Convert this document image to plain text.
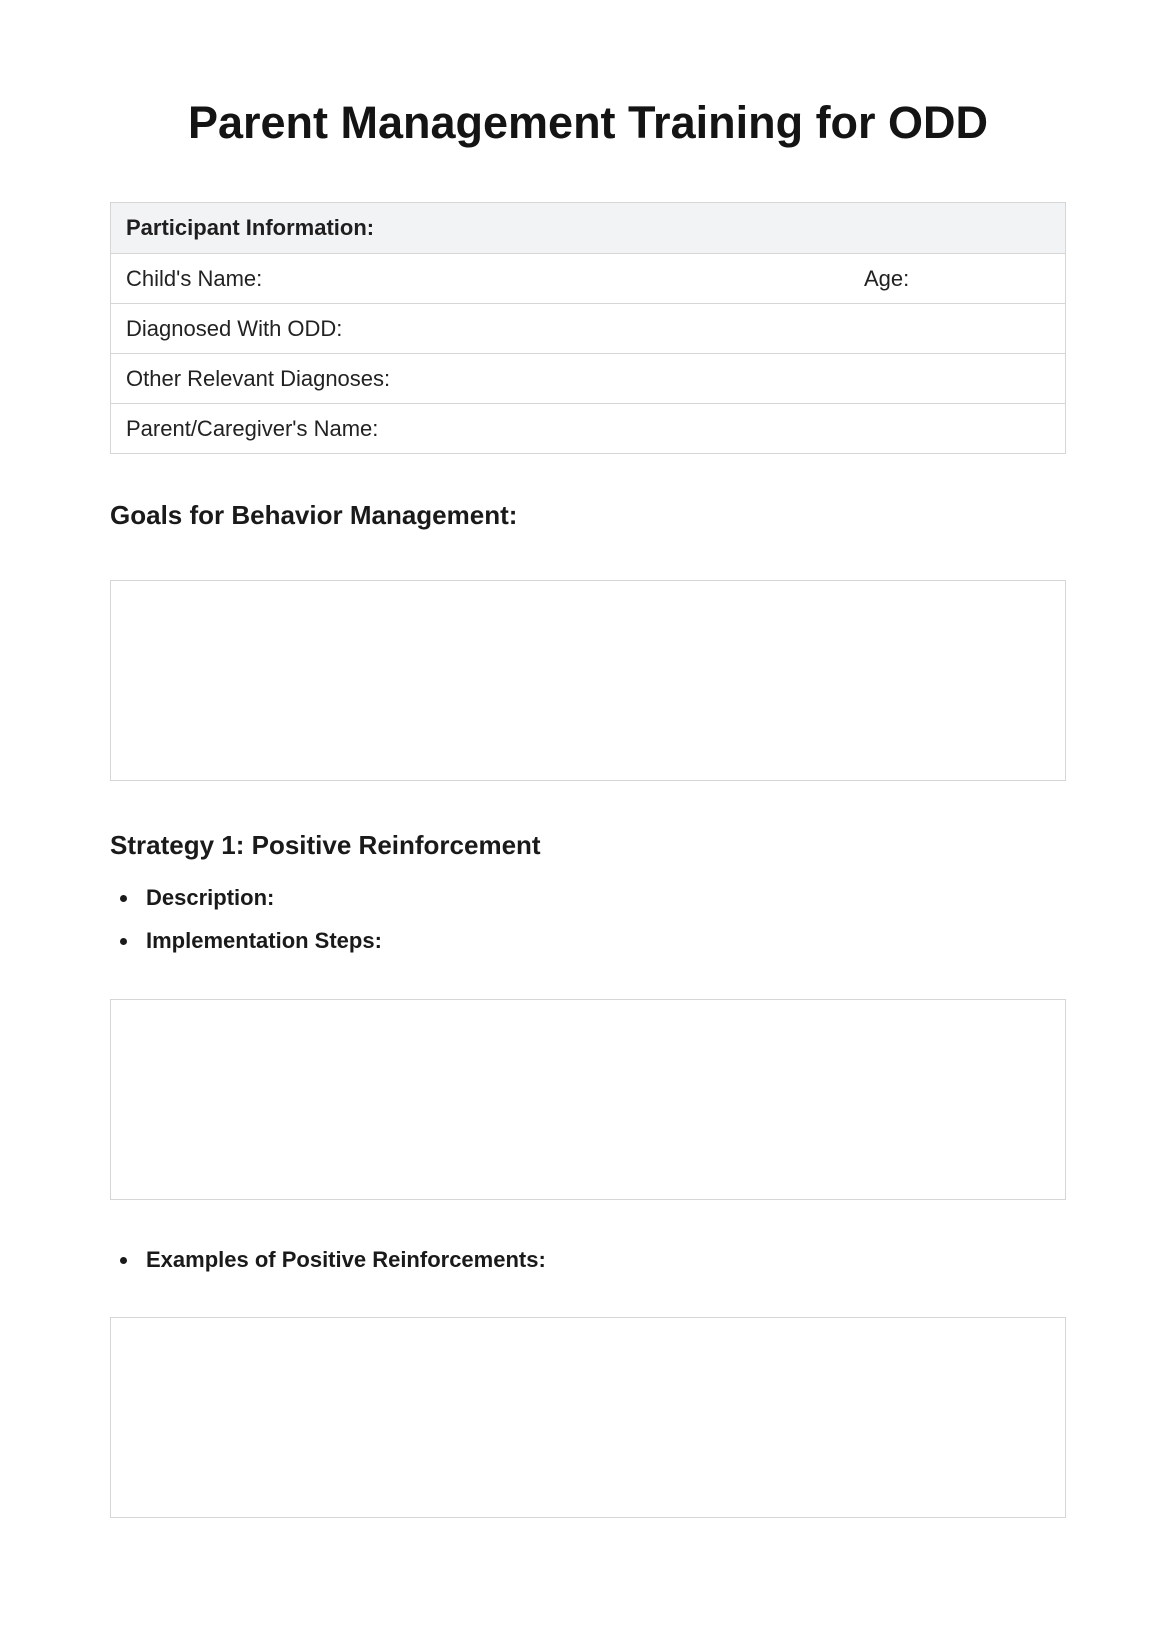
Parent Management Training for ODD
Participant Information:
Child's Name:	Age:
Diagnosed With ODD:
Other Relevant Diagnoses:
Parent/Caregiver's Name:
Goals for Behavior Management:
Strategy 1: Positive Reinforcement
Description:
Implementation Steps:
Examples of Positive Reinforcements:
